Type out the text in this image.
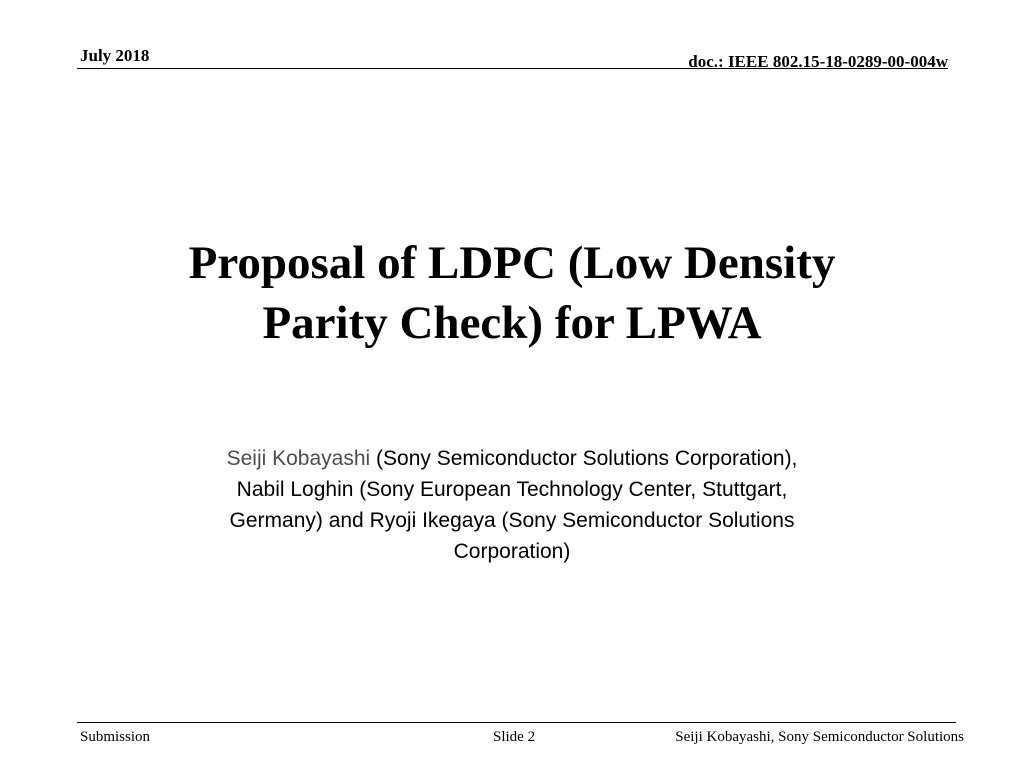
July 2018	doc.: IEEE 802.15-18-0289-00-004w
Proposal of LDPC (Low Density
Parity Check) for LPWA
Seiji Kobayashi (Sony Semiconductor Solutions Corporation),
Nabil Loghin (Sony European Technology Center, Stuttgart,
Germany) and Ryoji Ikegaya (Sony Semiconductor Solutions
Corporation)
Submission	Slide 2	Seiji Kobayashi, Sony Semiconductor Solutions
